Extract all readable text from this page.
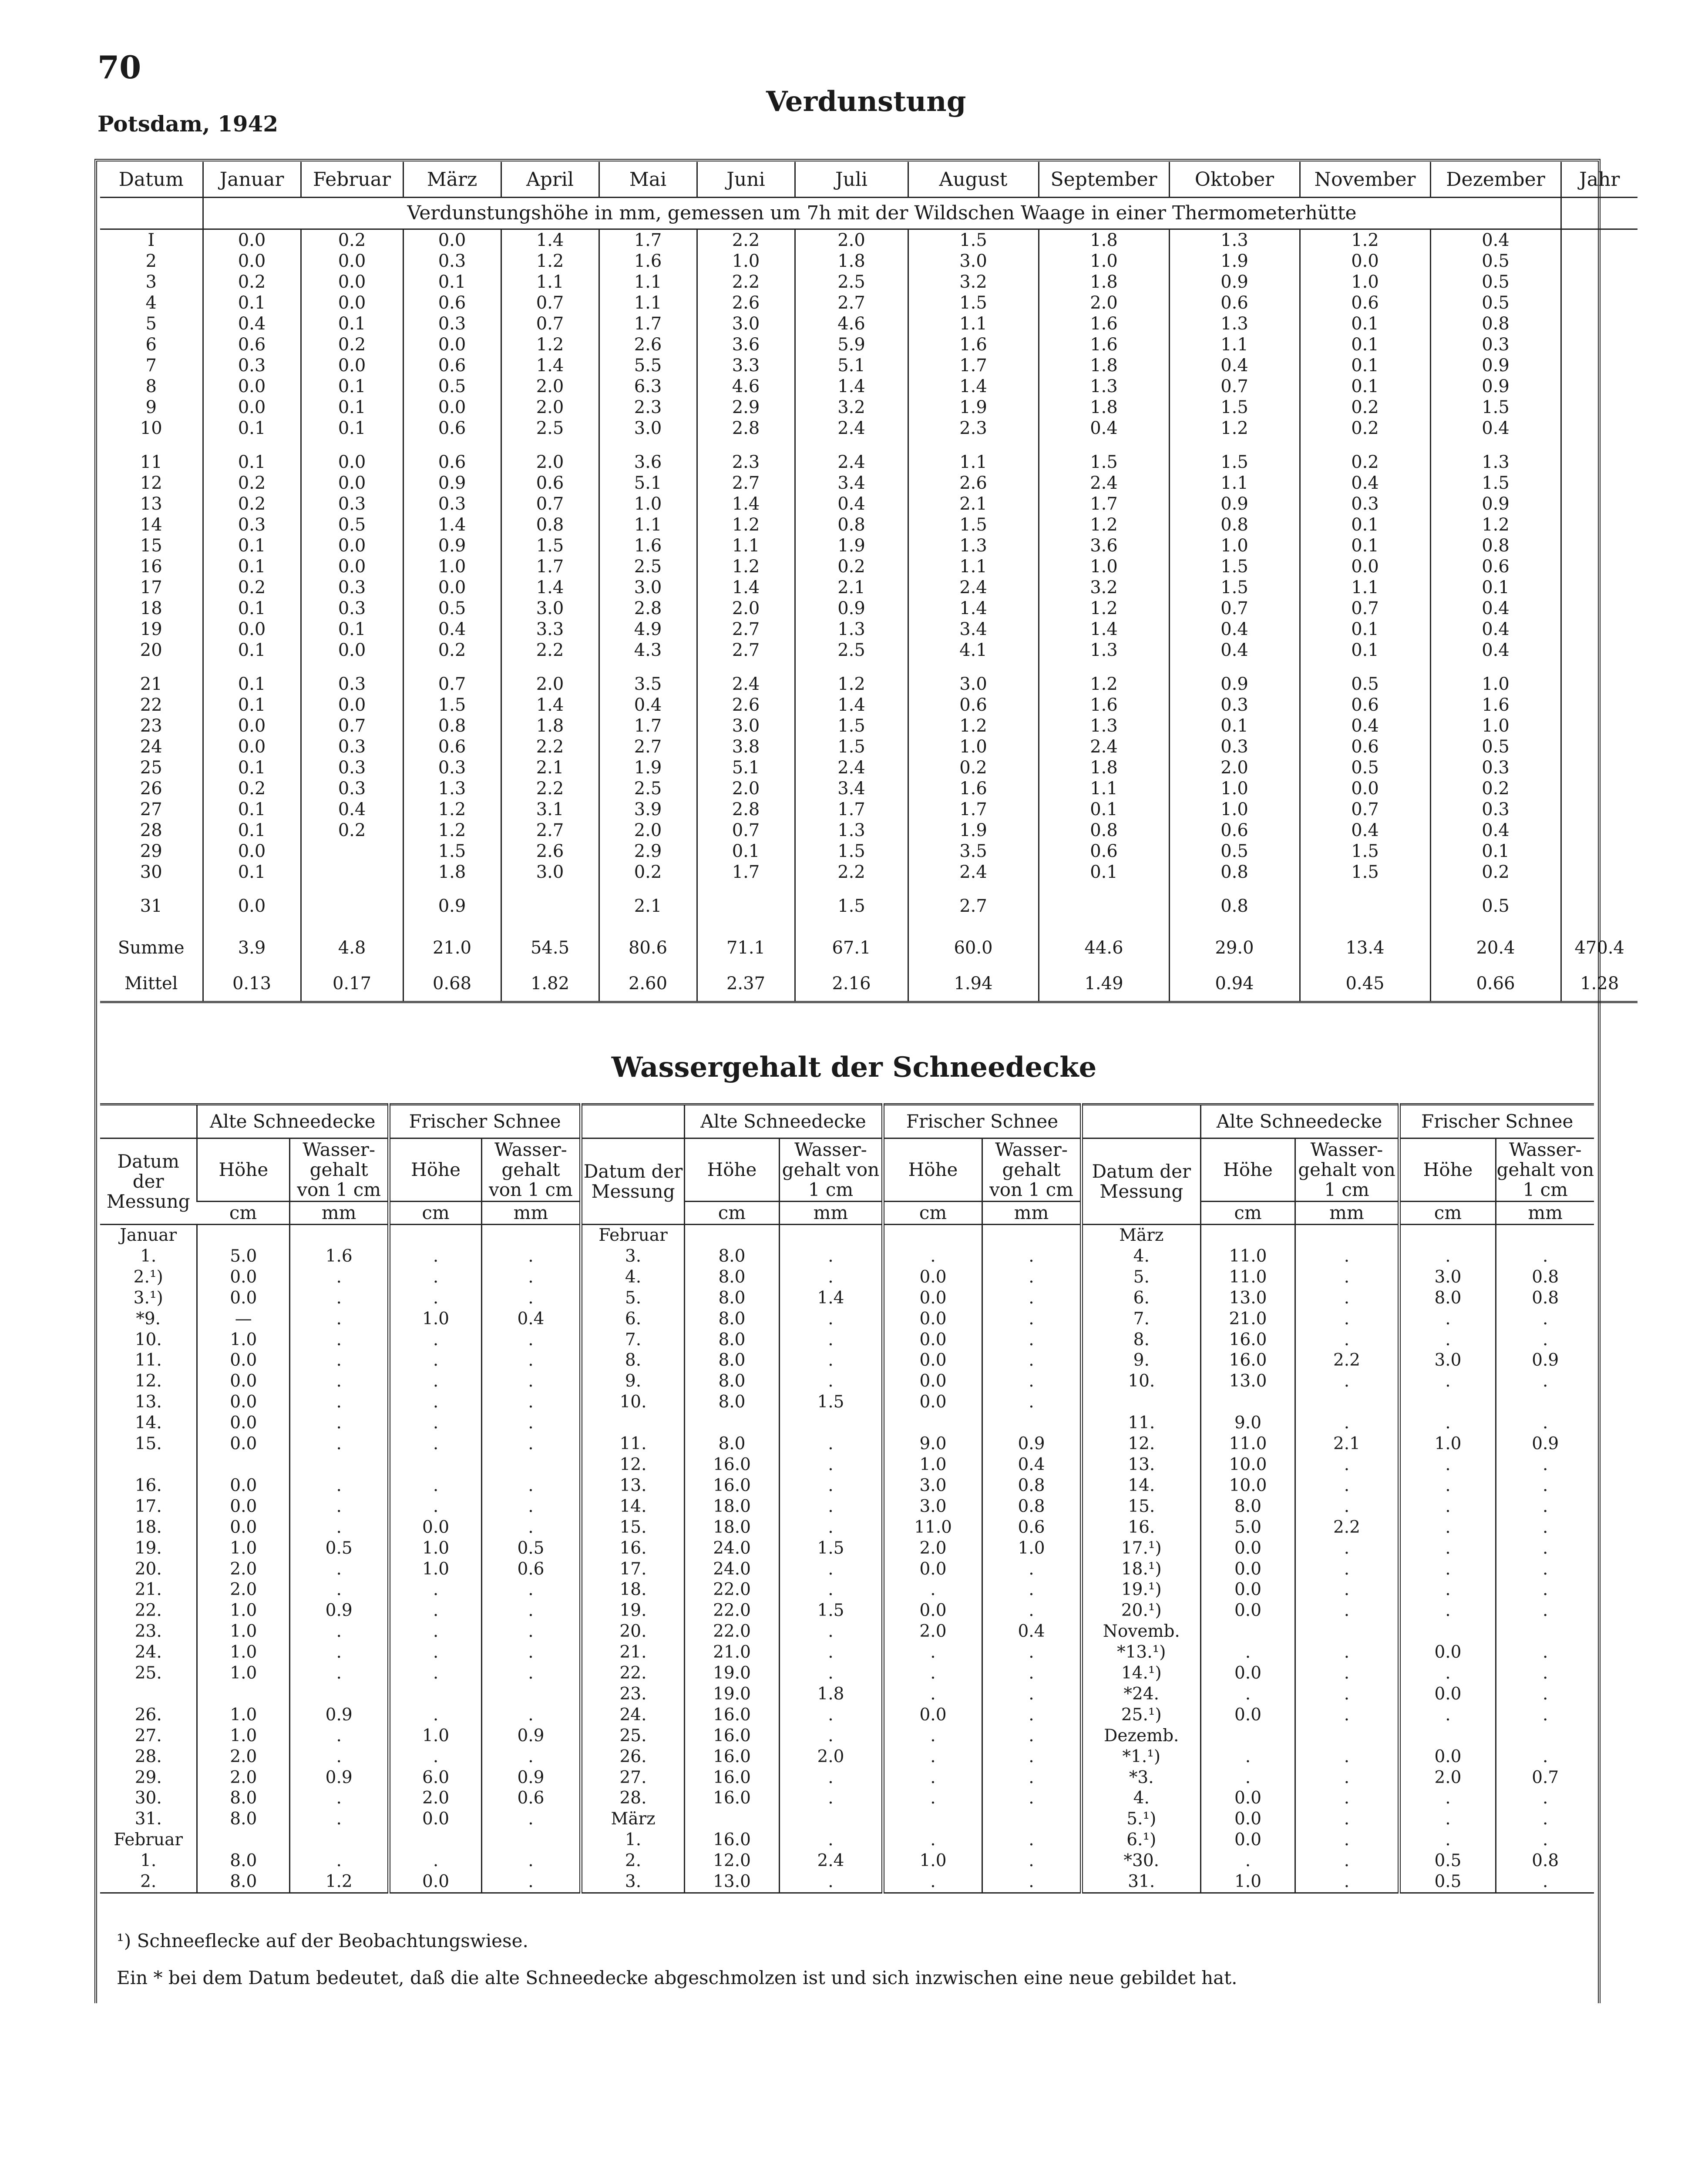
70
Potsdam, 1942
Verdunstung
Datum	Januar	Februar	März	April	Mai	Juni	Juli	August	September	Oktober	November	Dezember	Jahr
	Verdunstungshöhe in mm, gemessen um 7h mit der Wildschen Waage in einer Thermometerhütte												
I	0.0	0.2	0.0	1.4	1.7	2.2	2.0	1.5	1.8	1.3	1.2	0.4	
2	0.0	0.0	0.3	1.2	1.6	1.0	1.8	3.0	1.0	1.9	0.0	0.5	
3	0.2	0.0	0.1	1.1	1.1	2.2	2.5	3.2	1.8	0.9	1.0	0.5	
4	0.1	0.0	0.6	0.7	1.1	2.6	2.7	1.5	2.0	0.6	0.6	0.5	
5	0.4	0.1	0.3	0.7	1.7	3.0	4.6	1.1	1.6	1.3	0.1	0.8	
6	0.6	0.2	0.0	1.2	2.6	3.6	5.9	1.6	1.6	1.1	0.1	0.3	
7	0.3	0.0	0.6	1.4	5.5	3.3	5.1	1.7	1.8	0.4	0.1	0.9	
8	0.0	0.1	0.5	2.0	6.3	4.6	1.4	1.4	1.3	0.7	0.1	0.9	
9	0.0	0.1	0.0	2.0	2.3	2.9	3.2	1.9	1.8	1.5	0.2	1.5	
10	0.1	0.1	0.6	2.5	3.0	2.8	2.4	2.3	0.4	1.2	0.2	0.4	

11	0.1	0.0	0.6	2.0	3.6	2.3	2.4	1.1	1.5	1.5	0.2	1.3	
12	0.2	0.0	0.9	0.6	5.1	2.7	3.4	2.6	2.4	1.1	0.4	1.5	
13	0.2	0.3	0.3	0.7	1.0	1.4	0.4	2.1	1.7	0.9	0.3	0.9	
14	0.3	0.5	1.4	0.8	1.1	1.2	0.8	1.5	1.2	0.8	0.1	1.2	
15	0.1	0.0	0.9	1.5	1.6	1.1	1.9	1.3	3.6	1.0	0.1	0.8	
16	0.1	0.0	1.0	1.7	2.5	1.2	0.2	1.1	1.0	1.5	0.0	0.6	
17	0.2	0.3	0.0	1.4	3.0	1.4	2.1	2.4	3.2	1.5	1.1	0.1	
18	0.1	0.3	0.5	3.0	2.8	2.0	0.9	1.4	1.2	0.7	0.7	0.4	
19	0.0	0.1	0.4	3.3	4.9	2.7	1.3	3.4	1.4	0.4	0.1	0.4	
20	0.1	0.0	0.2	2.2	4.3	2.7	2.5	4.1	1.3	0.4	0.1	0.4	

21	0.1	0.3	0.7	2.0	3.5	2.4	1.2	3.0	1.2	0.9	0.5	1.0	
22	0.1	0.0	1.5	1.4	0.4	2.6	1.4	0.6	1.6	0.3	0.6	1.6	
23	0.0	0.7	0.8	1.8	1.7	3.0	1.5	1.2	1.3	0.1	0.4	1.0	
24	0.0	0.3	0.6	2.2	2.7	3.8	1.5	1.0	2.4	0.3	0.6	0.5	
25	0.1	0.3	0.3	2.1	1.9	5.1	2.4	0.2	1.8	2.0	0.5	0.3	
26	0.2	0.3	1.3	2.2	2.5	2.0	3.4	1.6	1.1	1.0	0.0	0.2	
27	0.1	0.4	1.2	3.1	3.9	2.8	1.7	1.7	0.1	1.0	0.7	0.3	
28	0.1	0.2	1.2	2.7	2.0	0.7	1.3	1.9	0.8	0.6	0.4	0.4	
29	0.0		1.5	2.6	2.9	0.1	1.5	3.5	0.6	0.5	1.5	0.1	
30	0.1		1.8	3.0	0.2	1.7	2.2	2.4	0.1	0.8	1.5	0.2	

31	0.0		0.9		2.1		1.5	2.7		0.8		0.5	

Summe	3.9	4.8	21.0	54.5	80.6	71.1	67.1	60.0	44.6	29.0	13.4	20.4	470.4
Mittel	0.13	0.17	0.68	1.82	2.60	2.37	2.16	1.94	1.49	0.94	0.45	0.66	1.28
Wassergehalt der Schneedecke
	Alte Schneedecke		Frischer Schnee			Alte Schneedecke		Frischer Schnee			Alte Schneedecke		Frischer Schnee	
Datum der Messung	Höhe	Wasser- gehalt von 1 cm	Höhe	Wasser- gehalt von 1 cm	Datum der Messung	Höhe	Wasser- gehalt von 1 cm	Höhe	Wasser- gehalt von 1 cm	Datum der Messung	Höhe	Wasser- gehalt von 1 cm	Höhe	Wasser- gehalt von 1 cm
	cm	mm	cm	mm		cm	mm	cm	mm		cm	mm	cm	mm
Januar					Februar					März				
1.	5.0	1.6	.	.	3.	8.0	.	.	.	4.	11.0	.	.	.
2.¹)	0.0	.	.	.	4.	8.0	.	0.0	.	5.	11.0	.	3.0	0.8
3.¹)	0.0	.	.	.	5.	8.0	1.4	0.0	.	6.	13.0	.	8.0	0.8
*9.	—	.	1.0	0.4	6.	8.0	.	0.0	.	7.	21.0	.	.	.
10.	1.0	.	.	.	7.	8.0	.	0.0	.	8.	16.0	.	.	.
11.	0.0	.	.	.	8.	8.0	.	0.0	.	9.	16.0	2.2	3.0	0.9
12.	0.0	.	.	.	9.	8.0	.	0.0	.	10.	13.0	.	.	.
13.	0.0	.	.	.	10.	8.0	1.5	0.0	.					
14.	0.0	.	.	.						11.	9.0	.	.	.
15.	0.0	.	.	.	11.	8.0	.	9.0	0.9	12.	11.0	2.1	1.0	0.9
					12.	16.0	.	1.0	0.4	13.	10.0	.	.	.
16.	0.0	.	.	.	13.	16.0	.	3.0	0.8	14.	10.0	.	.	.
17.	0.0	.	.	.	14.	18.0	.	3.0	0.8	15.	8.0	.	.	.
18.	0.0	.	0.0	.	15.	18.0	.	11.0	0.6	16.	5.0	2.2	.	.
19.	1.0	0.5	1.0	0.5	16.	24.0	1.5	2.0	1.0	17.¹)	0.0	.	.	.
20.	2.0	.	1.0	0.6	17.	24.0	.	0.0	.	18.¹)	0.0	.	.	.
21.	2.0	.	.	.	18.	22.0	.	.	.	19.¹)	0.0	.	.	.
22.	1.0	0.9	.	.	19.	22.0	1.5	0.0	.	20.¹)	0.0	.	.	.
23.	1.0	.	.	.	20.	22.0	.	2.0	0.4	Novemb.				
24.	1.0	.	.	.	21.	21.0	.	.	.	*13.¹)	.	.	0.0	.
25.	1.0	.	.	.	22.	19.0	.	.	.	14.¹)	0.0	.	.	.
					23.	19.0	1.8	.	.	*24.	.	.	0.0	.
26.	1.0	0.9	.	.	24.	16.0	.	0.0	.	25.¹)	0.0	.	.	.
27.	1.0	.	1.0	0.9	25.	16.0	.	.	.	Dezemb.				
28.	2.0	.	.	.	26.	16.0	2.0	.	.	*1.¹)	.	.	0.0	.
29.	2.0	0.9	6.0	0.9	27.	16.0	.	.	.	*3.	.	.	2.0	0.7
30.	8.0	.	2.0	0.6	28.	16.0	.	.	.	4.	0.0	.	.	.
31.	8.0	.	0.0	.	März					5.¹)	0.0	.	.	.
Februar					1.	16.0	.	.	.	6.¹)	0.0	.	.	.
1.	8.0	.	.	.	2.	12.0	2.4	1.0	.	*30.	.	.	0.5	0.8
2.	8.0	1.2	0.0	.	3.	13.0	.	.	.	31.	1.0	.	0.5	.
¹) Schneeflecke auf der Beobachtungswiese.
Ein * bei dem Datum bedeutet, daß die alte Schneedecke abgeschmolzen ist und sich inzwischen eine neue gebildet hat.
